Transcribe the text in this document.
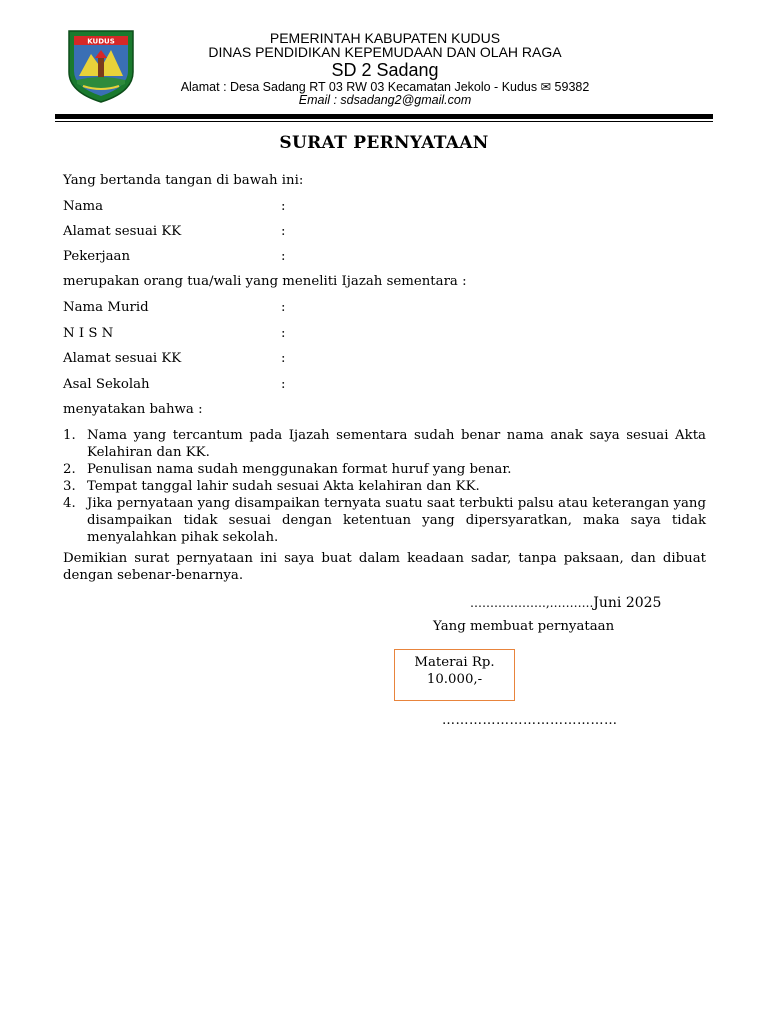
KUDUS	PEMERINTAH KABUPATEN KUDUS
DINAS PENDIDIKAN KEPEMUDAAN DAN OLAH RAGA
SD 2 Sadang
Alamat : Desa Sadang RT 03 RW 03 Kecamatan Jekolo - Kudus ✉ 59382
Email : sdsadang2@gmail.com
SURAT PERNYATAAN
Yang bertanda tangan di bawah ini:
Nama	:
Alamat sesuai KK	:
Pekerjaan	:
merupakan orang tua/wali yang meneliti Ijazah sementara :
Nama Murid	:
N I S N	:
Alamat sesuai KK	:
Asal Sekolah	:
menyatakan bahwa :

1. Nama yang tercantum pada Ijazah sementara sudah benar nama anak saya sesuai Akta Kelahiran dan KK.

2. Penulisan nama sudah menggunakan format huruf yang benar.

3. Tempat tanggal lahir sudah sesuai Akta kelahiran dan KK.

4. Jika pernyataan yang disampaikan ternyata suatu saat terbukti palsu atau keterangan yang disampaikan tidak sesuai dengan ketentuan yang dipersyaratkan, maka saya tidak menyalahkan pihak sekolah.

Demikian surat pernyataan ini saya buat dalam keadaan sadar, tanpa paksaan, dan dibuat dengan sebenar-benarnya.
……………….,………..Juni 2025
Yang membuat pernyataan
Materai Rp.
10.000,-
…………………………………
